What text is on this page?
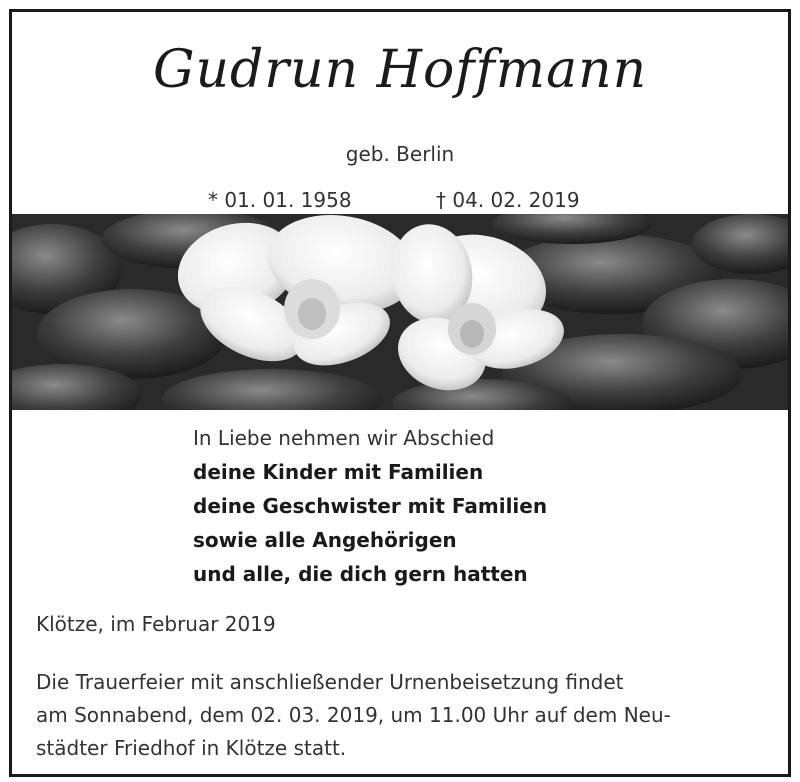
Gudrun Hoffmann
geb. Berlin
* 01. 01. 1958	† 04. 02. 2019
In Liebe nehmen wir Abschied
deine Kinder mit Familien
deine Geschwister mit Familien
sowie alle Angehörigen
und alle, die dich gern hatten
Klötze, im Februar 2019
Die Trauerfeier mit anschließender Urnenbeisetzung findet
am Sonnabend, dem 02. 03. 2019, um 11.00 Uhr auf dem Neu-
städter Friedhof in Klötze statt.
